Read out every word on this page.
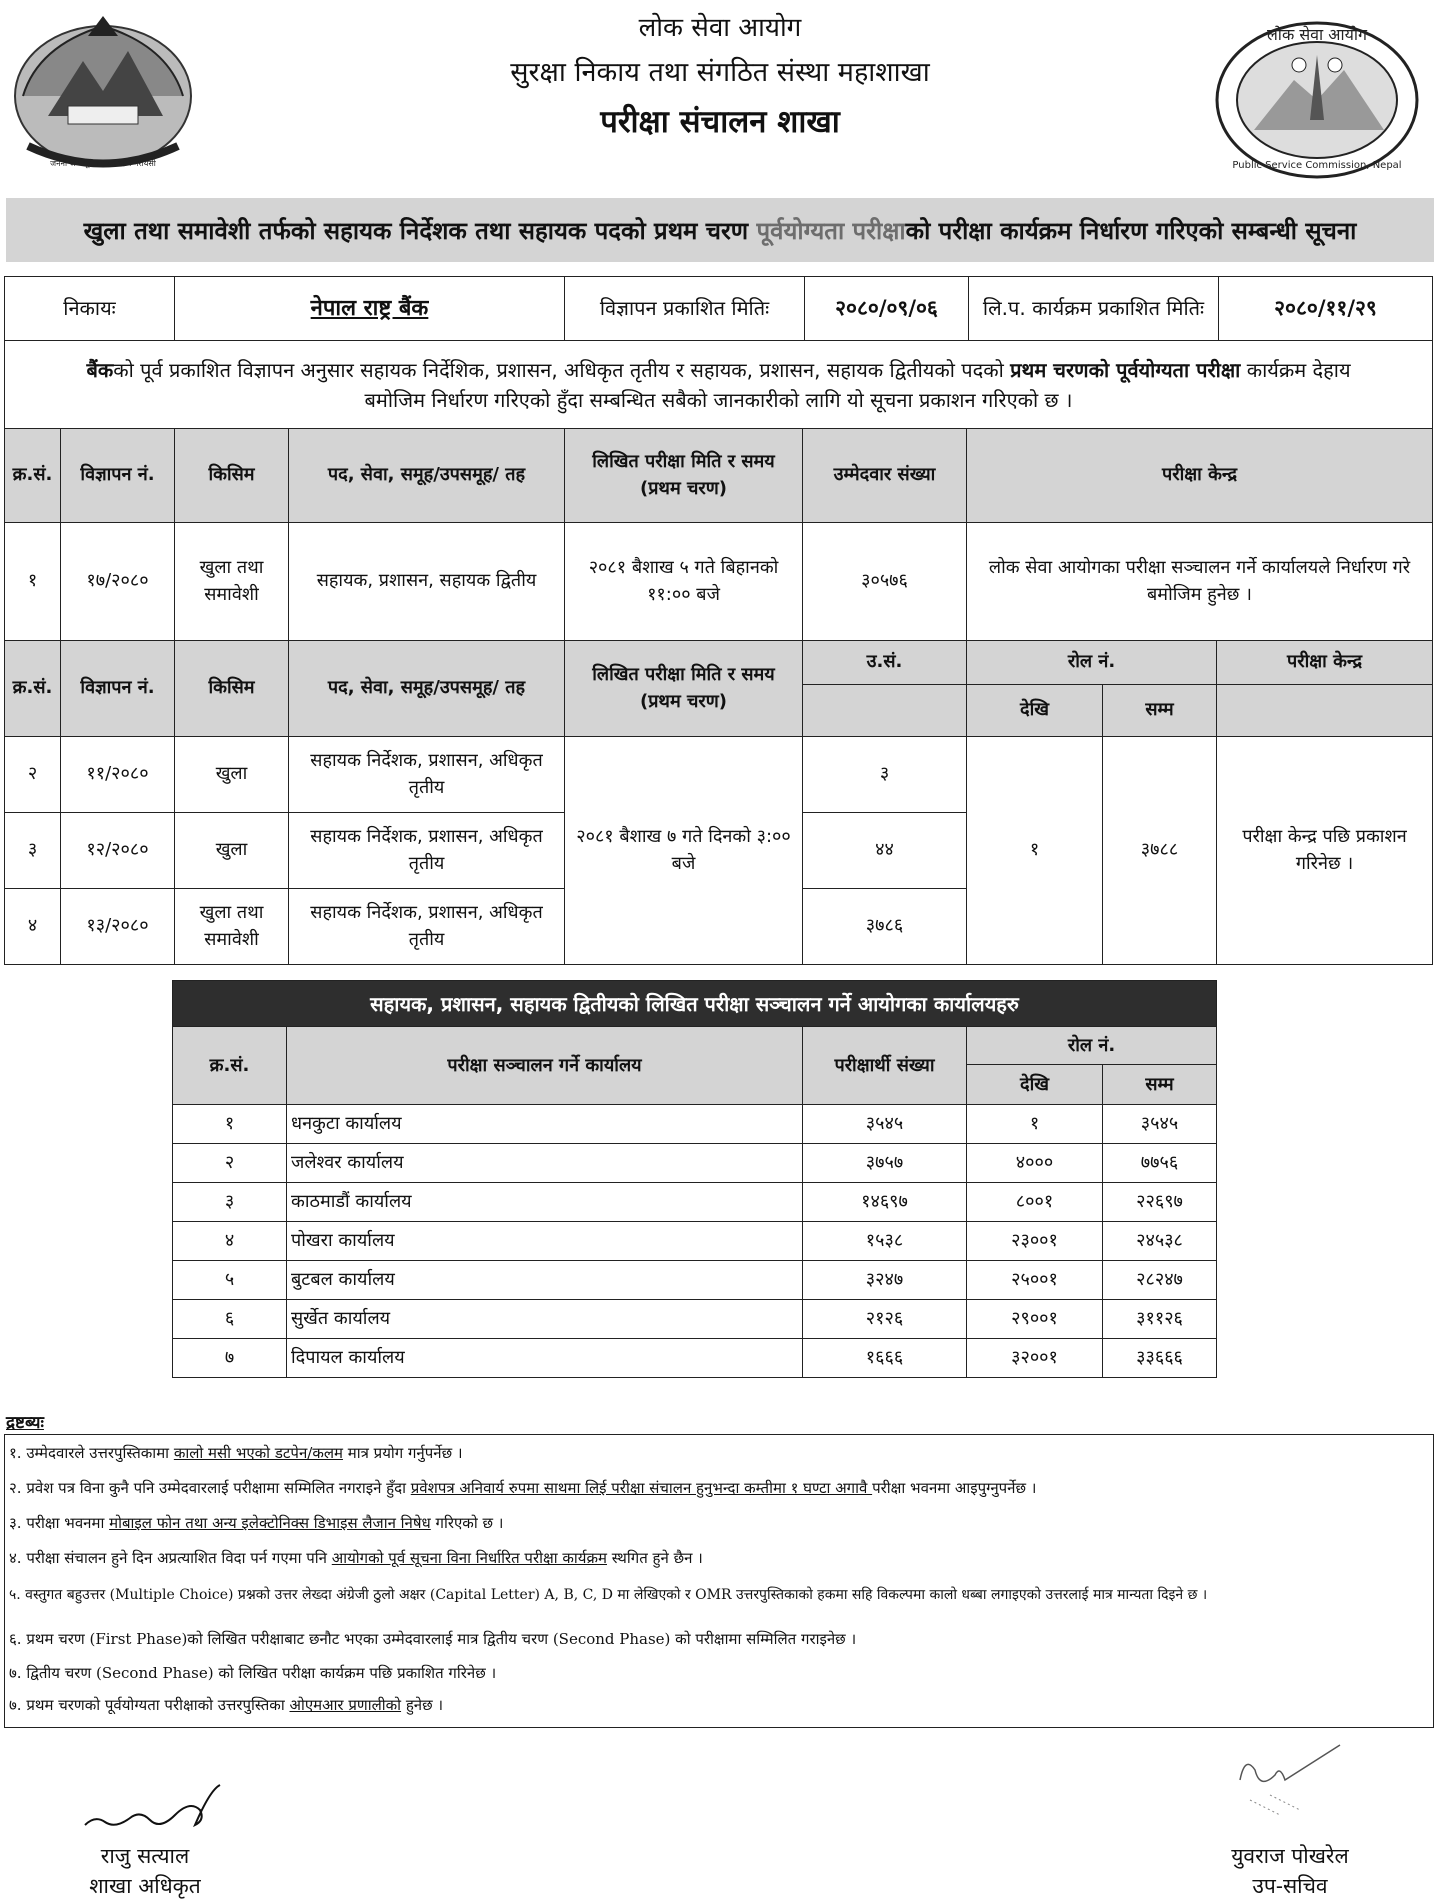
लोक सेवा आयोग
सुरक्षा निकाय तथा संगठित संस्था महाशाखा
परीक्षा संचालन शाखा
जननी जन्मभूमिश्च स्वर्गादपि गरीयसी
लोक सेवा आयोग
Public Service Commission, Nepal
खुला तथा समावेशी तर्फको सहायक निर्देशक तथा सहायक पदको प्रथम चरण पूर्वयोग्यता परीक्षा को परीक्षा कार्यक्रम निर्धारण गरिएको सम्बन्धी सूचना
निकायः	नेपाल राष्ट्र बैंक	विज्ञापन प्रकाशित मितिः	२०८०/०९/०६	लि.प. कार्यक्रम प्रकाशित मितिः	२०८०/११/२९
बैंकको पूर्व प्रकाशित विज्ञापन अनुसार सहायक निर्देशिक, प्रशासन, अधिकृत तृतीय र सहायक, प्रशासन, सहायक द्वितीयको पदको प्रथम चरणको पूर्वयोग्यता परीक्षा कार्यक्रम देहाय
बमोजिम निर्धारण गरिएको हुँदा सम्बन्धित सबैको जानकारीको लागि यो सूचना प्रकाशन गरिएको छ ।
क्र.सं.	विज्ञापन नं.	किसिम	पद, सेवा, समूह/उपसमूह/ तह	लिखित परीक्षा मिति र समय (प्रथम चरण)	उम्मेदवार संख्या	परीक्षा केन्द्र
१	१७/२०८०	खुला तथा समावेशी	सहायक, प्रशासन, सहायक द्वितीय	२०८१ बैशाख ५ गते बिहानको ११:०० बजे	३०५७६	लोक सेवा आयोगका परीक्षा सञ्चालन गर्ने कार्यालयले निर्धारण गरे बमोजिम हुनेछ ।
क्र.सं.	विज्ञापन नं.	किसिम	पद, सेवा, समूह/उपसमूह/ तह	लिखित परीक्षा मिति र समय (प्रथम चरण)	उ.सं.	रोल नं.		परीक्षा केन्द्र
						देखि	सम्म	
२	११/२०८०	खुला	सहायक निर्देशक, प्रशासन, अधिकृत तृतीय	२०८१ बैशाख ७ गते दिनको ३:०० बजे	३	१	३७८८	परीक्षा केन्द्र पछि प्रकाशन गरिनेछ ।
३	१२/२०८०	खुला	सहायक निर्देशक, प्रशासन, अधिकृत तृतीय		४४			
४	१३/२०८०	खुला तथा समावेशी	सहायक निर्देशक, प्रशासन, अधिकृत तृतीय		३७८६			
सहायक, प्रशासन, सहायक द्वितीयको लिखित परीक्षा सञ्चालन गर्ने आयोगका कार्यालयहरु				
क्र.सं.	परीक्षा सञ्चालन गर्ने कार्यालय	परीक्षार्थी संख्या	रोल नं.	
			देखि	सम्म
१	धनकुटा कार्यालय	३५४५	१	३५४५
२	जलेश्वर कार्यालय	३७५७	४०००	७७५६
३	काठमाडौं कार्यालय	१४६९७	८००१	२२६९७
४	पोखरा कार्यालय	१५३८	२३००१	२४५३८
५	बुटबल कार्यालय	३२४७	२५००१	२८२४७
६	सुर्खेत कार्यालय	२१२६	२९००१	३११२६
७	दिपायल कार्यालय	१६६६	३२००१	३३६६६
द्रष्टब्यः
१. उम्मेदवारले उत्तरपुस्तिकामा कालो मसी भएको डटपेन/कलम मात्र प्रयोग गर्नुपर्नेछ ।
२. प्रवेश पत्र विना कुनै पनि उम्मेदवारलाई परीक्षामा सम्मिलित नगराइने हुँदा प्रवेशपत्र अनिवार्य रुपमा साथमा लिई परीक्षा संचालन हुनुभन्दा कम्तीमा १ घण्टा अगावै परीक्षा भवनमा आइपुग्नुपर्नेछ ।
३. परीक्षा भवनमा मोबाइल फोन तथा अन्य इलेक्टोनिक्स डिभाइस लैजान निषेध गरिएको छ ।
४. परीक्षा संचालन हुने दिन अप्रत्याशित विदा पर्न गएमा पनि आयोगको पूर्व सूचना विना निर्धारित परीक्षा कार्यक्रम स्थगित हुने छैन ।
५. वस्तुगत बहुउत्तर (Multiple Choice) प्रश्नको उत्तर लेख्दा अंग्रेजी ठुलो अक्षर (Capital Letter) A, B, C, D मा लेखिएको र OMR उत्तरपुस्तिकाको हकमा सहि विकल्पमा कालो धब्बा लगाइएको उत्तरलाई मात्र मान्यता दिइने छ ।
६. प्रथम चरण (First Phase)को लिखित परीक्षाबाट छनौट भएका उम्मेदवारलाई मात्र द्वितीय चरण (Second Phase) को परीक्षामा सम्मिलित गराइनेछ ।
७. द्वितीय चरण (Second Phase) को लिखित परीक्षा कार्यक्रम पछि प्रकाशित गरिनेछ ।
७. प्रथम चरणको पूर्वयोग्यता परीक्षाको उत्तरपुस्तिका ओएमआर प्रणालीको हुनेछ ।
राजु सत्याल
शाखा अधिकृत
युवराज पोखरेल
उप-सचिव
